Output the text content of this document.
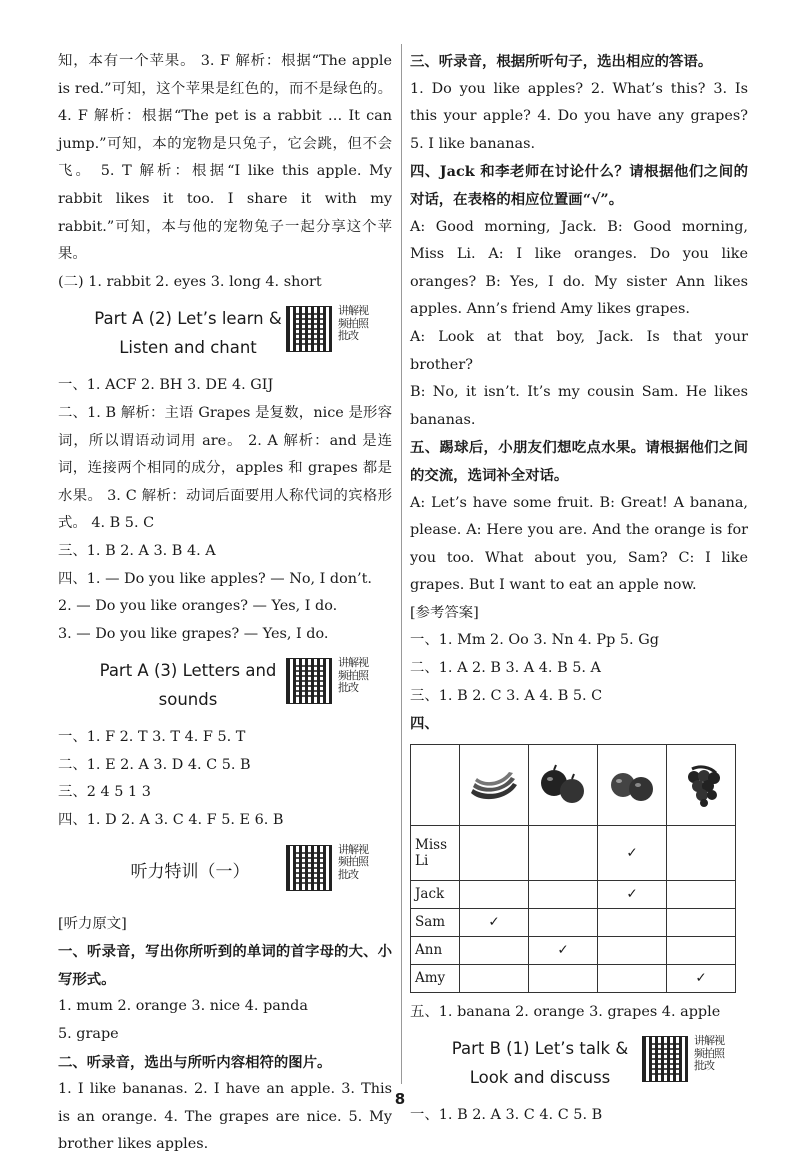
知，本有一个苹果。 3. F 解析：根据“The apple is red.”可知，这个苹果是红色的，而不是绿色的。 4. F 解析：根据“The pet is a rabbit … It can jump.”可知，本的宠物是只兔子，它会跳，但不会飞。 5. T 解析：根据“I like this apple. My rabbit likes it too. I share it with my rabbit.”可知，本与他的宠物兔子一起分享这个苹果。

(二) 1. rabbit 2. eyes 3. long 4. short

Part A (2) Let’s learn &
Listen and chant
讲解视频拍照批改

一、1. ACF 2. BH 3. DE 4. GIJ

二、1. B 解析：主语 Grapes 是复数，nice 是形容词，所以谓语动词用 are。 2. A 解析：and 是连词，连接两个相同的成分，apples 和 grapes 都是水果。 3. C 解析：动词后面要用人称代词的宾格形式。 4. B 5. C

三、1. B 2. A 3. B 4. A

四、1. — Do you like apples? — No, I don’t.

2. — Do you like oranges? — Yes, I do.

3. — Do you like grapes? — Yes, I do.

Part A (3) Letters and
sounds
讲解视频拍照批改

一、1. F 2. T 3. T 4. F 5. T

二、1. E 2. A 3. D 4. C 5. B

三、2 4 5 1 3

四、1. D 2. A 3. C 4. F 5. E 6. B

听力特训（一）
讲解视频拍照批改

[听力原文]

一、听录音，写出你所听到的单词的首字母的大、小写形式。

1. mum 2. orange 3. nice 4. panda

5. grape

二、听录音，选出与所听内容相符的图片。

1. I like bananas. 2. I have an apple. 3. This is an orange. 4. The grapes are nice. 5. My brother likes apples.

三、听录音，根据所听句子，选出相应的答语。

1. Do you like apples? 2. What’s this? 3. Is this your apple? 4. Do you have any grapes? 5. I like bananas.

四、Jack 和李老师在讨论什么？请根据他们之间的对话，在表格的相应位置画“√”。

A: Good morning, Jack. B: Good morning, Miss Li. A: I like oranges. Do you like oranges? B: Yes, I do. My sister Ann likes apples. Ann’s friend Amy likes grapes.

A: Look at that boy, Jack. Is that your brother?

B: No, it isn’t. It’s my cousin Sam. He likes bananas.

五、踢球后，小朋友们想吃点水果。请根据他们之间的交流，选词补全对话。

A: Let’s have some fruit. B: Great! A banana, please. A: Here you are. And the orange is for you too. What about you, Sam? C: I like grapes. But I want to eat an apple now.

[参考答案]

一、1. Mm 2. Oo 3. Nn 4. Pp 5. Gg

二、1. A 2. B 3. A 4. B 5. A

三、1. B 2. C 3. A 4. B 5. C

四、

Miss Li			✓	
Jack			✓	
Sam	✓			
Ann		✓		
Amy				✓

五、1. banana 2. orange 3. grapes 4. apple

Part B (1) Let’s talk &
Look and discuss
讲解视频拍照批改

一、1. B 2. A 3. C 4. C 5. B

8
